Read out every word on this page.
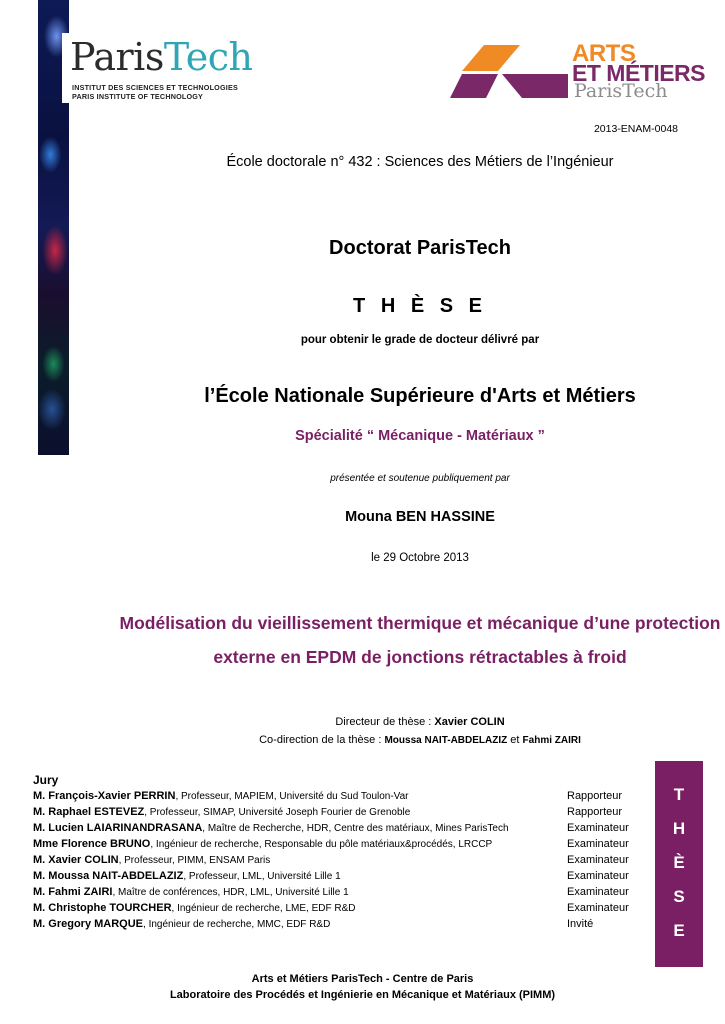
ParisTech
INSTITUT DES SCIENCES ET TECHNOLOGIES
PARIS INSTITUTE OF TECHNOLOGY
ARTS
ET MÉTIERS
ParisTech
2013-ENAM-0048
École doctorale n° 432 : Sciences des Métiers de l’Ingénieur
Doctorat ParisTech
T H È S E
pour obtenir le grade de docteur délivré par
l’École Nationale Supérieure d'Arts et Métiers
Spécialité “ Mécanique - Matériaux ”
présentée et soutenue publiquement par
Mouna BEN HASSINE
le 29 Octobre 2013
Modélisation du vieillissement thermique et mécanique d’une protection
externe en EPDM de jonctions rétractables à froid
Directeur de thèse : Xavier COLIN
Co-direction de la thèse : Moussa NAIT-ABDELAZIZ et Fahmi ZAIRI
Jury
M. François-Xavier PERRIN, Professeur, MAPIEM, Université du Sud Toulon-Var	Rapporteur
M. Raphael ESTEVEZ, Professeur, SIMAP, Université Joseph Fourier de Grenoble	Rapporteur
M. Lucien LAIARINANDRASANA, Maître de Recherche, HDR, Centre des matériaux, Mines ParisTech	Examinateur
Mme Florence BRUNO, Ingénieur de recherche, Responsable du pôle matériaux&procédés, LRCCP	Examinateur
M. Xavier COLIN, Professeur, PIMM, ENSAM Paris	Examinateur
M. Moussa NAIT-ABDELAZIZ, Professeur, LML, Université Lille 1	Examinateur
M. Fahmi ZAIRI, Maître de conférences, HDR, LML, Université Lille 1	Examinateur
M. Christophe TOURCHER, Ingénieur de recherche, LME, EDF R&D	Examinateur
M. Gregory MARQUE, Ingénieur de recherche, MMC, EDF R&D	Invité
T
H
È
S
E
Arts et Métiers ParisTech - Centre de Paris
Laboratoire des Procédés et Ingénierie en Mécanique et Matériaux (PIMM)
